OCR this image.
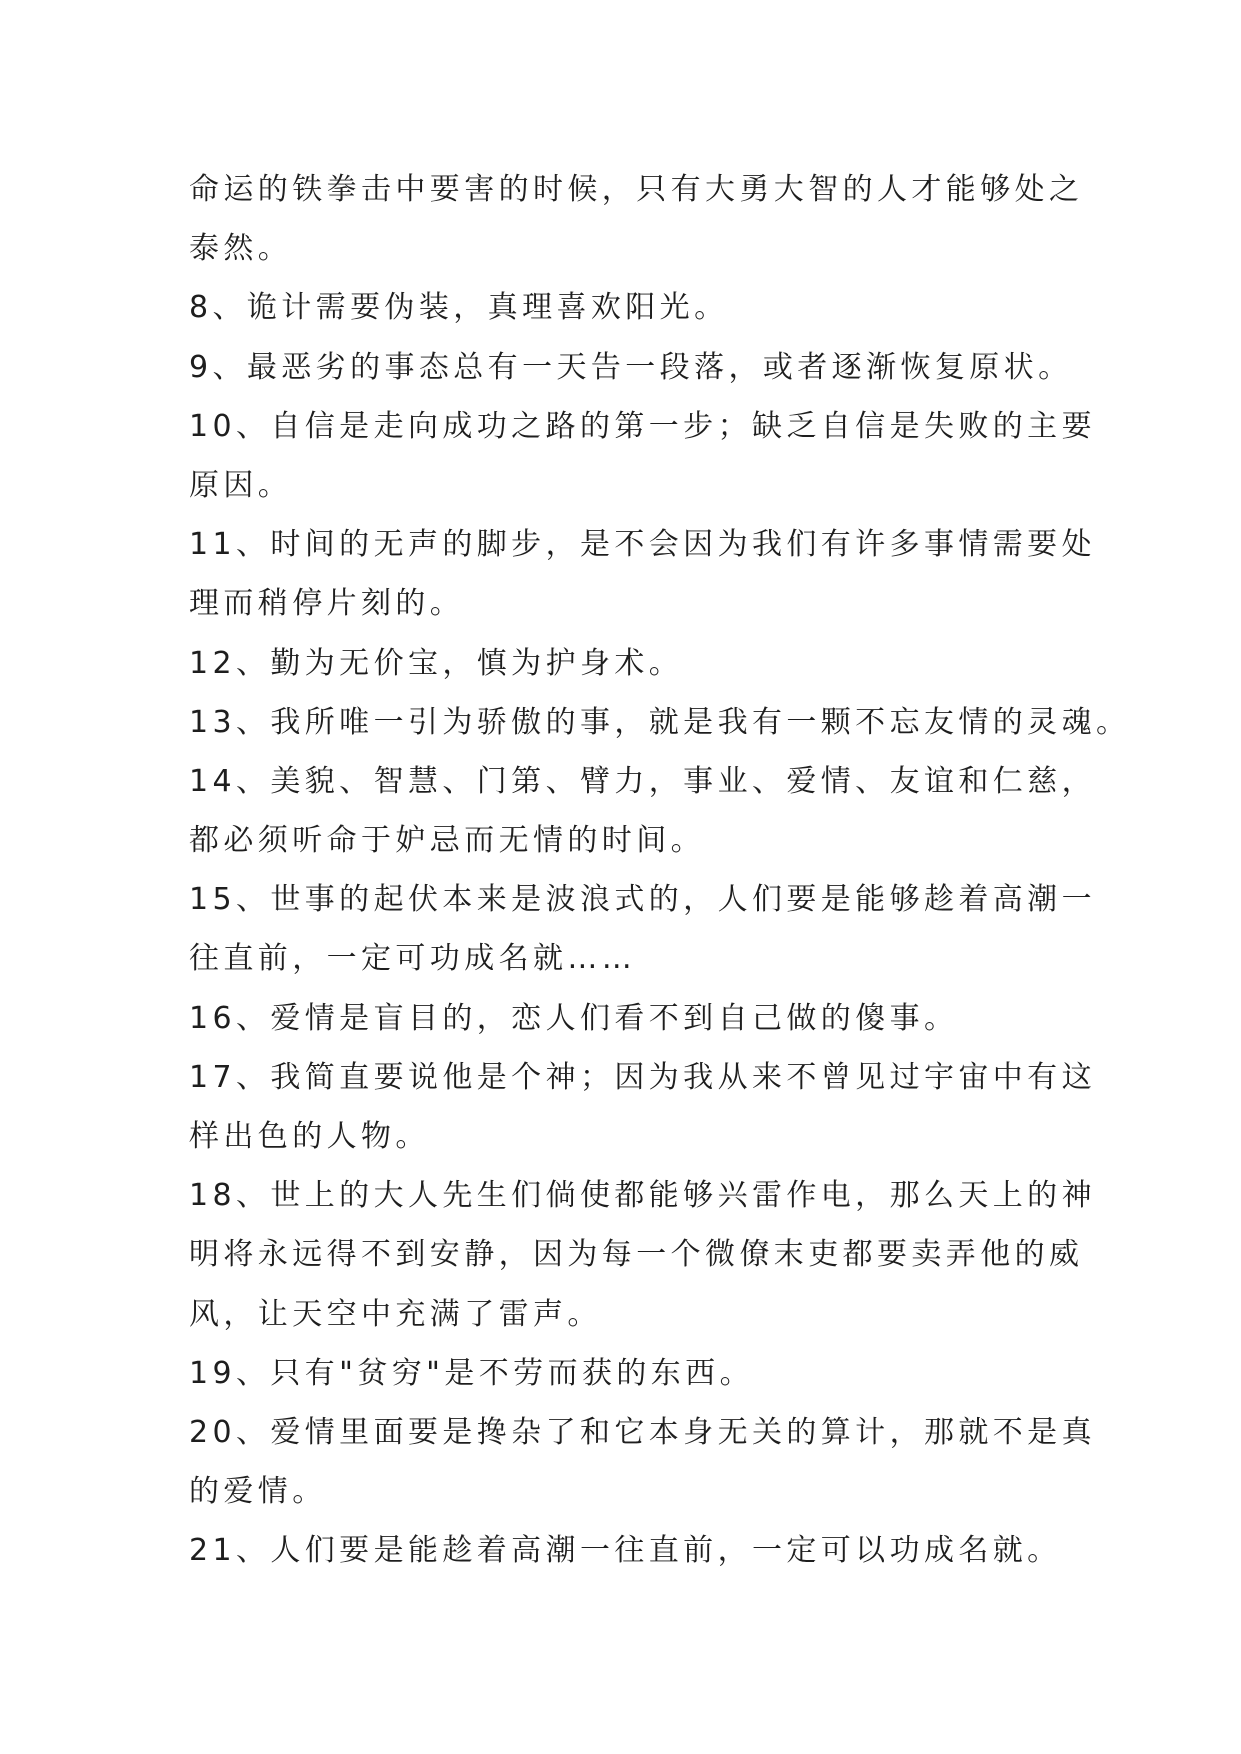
命运的铁拳击中要害的时候，只有大勇大智的人才能够处之
泰然。
8、诡计需要伪装，真理喜欢阳光。
9、最恶劣的事态总有一天告一段落，或者逐渐恢复原状。
10、自信是走向成功之路的第一步；缺乏自信是失败的主要
原因。
11、时间的无声的脚步，是不会因为我们有许多事情需要处
理而稍停片刻的。
12、勤为无价宝，慎为护身术。
13、我所唯一引为骄傲的事，就是我有一颗不忘友情的灵魂。
14、美貌、智慧、门第、臂力，事业、爱情、友谊和仁慈，
都必须听命于妒忌而无情的时间。
15、世事的起伏本来是波浪式的，人们要是能够趁着高潮一
往直前，一定可功成名就……
16、爱情是盲目的，恋人们看不到自己做的傻事。
17、我简直要说他是个神；因为我从来不曾见过宇宙中有这
样出色的人物。
18、世上的大人先生们倘使都能够兴雷作电，那么天上的神
明将永远得不到安静，因为每一个微僚末吏都要卖弄他的威
风，让天空中充满了雷声。
19、只有"贫穷"是不劳而获的东西。
20、爱情里面要是搀杂了和它本身无关的算计，那就不是真
的爱情。
21、人们要是能趁着高潮一往直前，一定可以功成名就。
